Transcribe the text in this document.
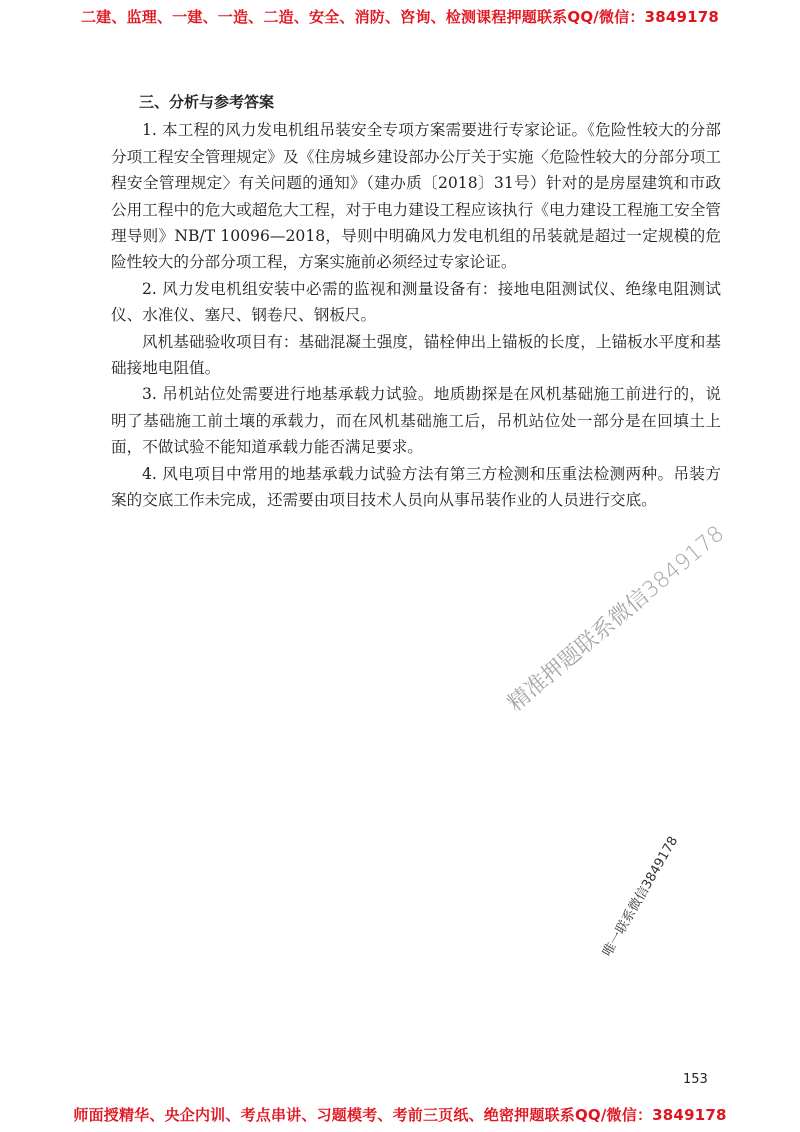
二建、监理、一建、一造、二造、安全、消防、咨询、检测课程押题联系QQ/微信：3849178
三、分析与参考答案

1. 本工程的风力发电机组吊装安全专项方案需要进行专家论证。《危险性较大的分部分项工程安全管理规定》及《住房城乡建设部办公厅关于实施〈危险性较大的分部分项工程安全管理规定〉有关问题的通知》（建办质〔2018〕31号）针对的是房屋建筑和市政公用工程中的危大或超危大工程，对于电力建设工程应该执行《电力建设工程施工安全管理导则》NB/T 10096—2018，导则中明确风力发电机组的吊装就是超过一定规模的危险性较大的分部分项工程，方案实施前必须经过专家论证。

2. 风力发电机组安装中必需的监视和测量设备有：接地电阻测试仪、绝缘电阻测试仪、水准仪、塞尺、钢卷尺、钢板尺。

风机基础验收项目有：基础混凝土强度，锚栓伸出上锚板的长度，上锚板水平度和基础接地电阻值。

3. 吊机站位处需要进行地基承载力试验。地质勘探是在风机基础施工前进行的，说明了基础施工前土壤的承载力，而在风机基础施工后，吊机站位处一部分是在回填土上面，不做试验不能知道承载力能否满足要求。

4. 风电项目中常用的地基承载力试验方法有第三方检测和压重法检测两种。吊装方案的交底工作未完成，还需要由项目技术人员向从事吊装作业的人员进行交底。

精准押题联系微信3849178
唯一联系微信3849178
153
师面授精华、央企内训、考点串讲、习题模考、考前三页纸、绝密押题联系QQ/微信：3849178
